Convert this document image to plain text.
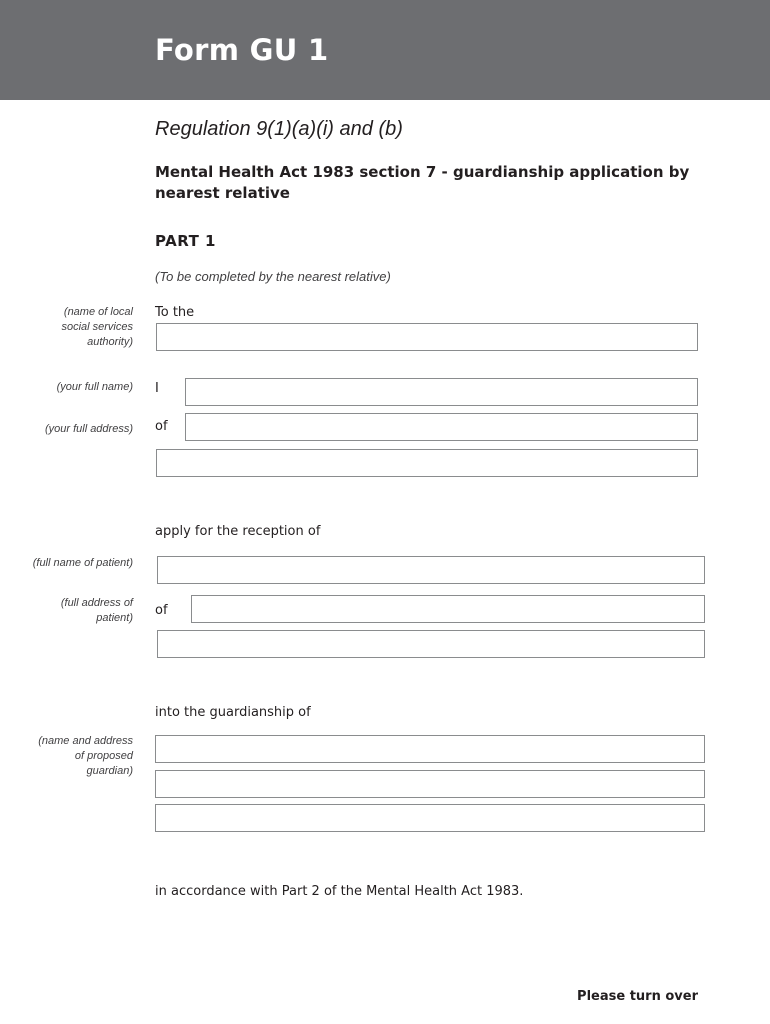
Form GU 1
Regulation 9(1)(a)(i) and (b)
Mental Health Act 1983 section 7 - guardianship application by nearest relative
PART 1
(To be completed by the nearest relative)
(name of local social services authority)
To the
(your full name) I
(your full address) of
apply for the reception of
(full name of patient)
(full address of patient) of
into the guardianship of
(name and address of proposed guardian)
in accordance with Part 2 of the Mental Health Act 1983.
Please turn over
